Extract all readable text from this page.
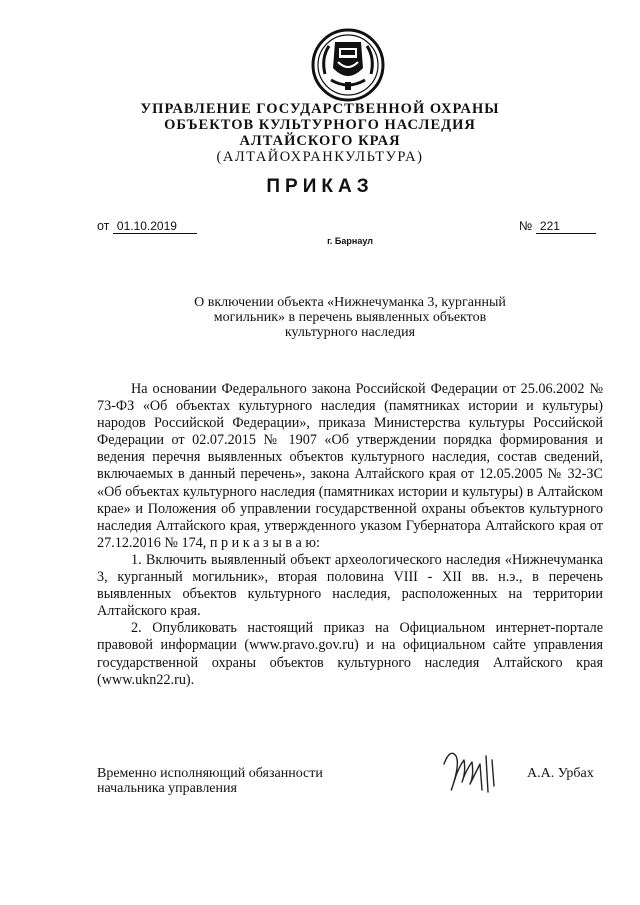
УПРАВЛЕНИЕ ГОСУДАРСТВЕННОЙ ОХРАНЫ
ОБЪЕКТОВ КУЛЬТУРНОГО НАСЛЕДИЯ
АЛТАЙСКОГО КРАЯ
(АЛТАЙОХРАНКУЛЬТУРА)
ПРИКАЗ
от 01.10.2019	№ 221
г. Барнаул
О включении объекта «Нижнечуманка 3, курганный
могильник» в перечень выявленных объектов
культурного наследия

На основании Федерального закона Российской Федерации от 25.06.2002 № 73-ФЗ «Об объектах культурного наследия (памятниках истории и культуры) народов Российской Федерации», приказа Министерства культуры Российской Федерации от 02.07.2015 № 1907 «Об утверждении порядка формирования и ведения перечня выявленных объектов культурного наследия, состав сведений, включаемых в данный перечень», закона Алтайского края от 12.05.2005 № 32-ЗС «Об объектах культурного наследия (памятниках истории и культуры) в Алтайском крае» и Положения об управлении государственной охраны объектов культурного наследия Алтайского края, утвержденного указом Губернатора Алтайского края от 27.12.2016 № 174, п р и к а з ы в а ю:

1. Включить выявленный объект археологического наследия «Нижнечуманка 3, курганный могильник», вторая половина VIII - XII вв. н.э., в перечень выявленных объектов культурного наследия, расположенных на территории Алтайского края.

2. Опубликовать настоящий приказ на Официальном интернет-портале правовой информации (www.pravo.gov.ru) и на официальном сайте управления государственной охраны объектов культурного наследия Алтайского края (www.ukn22.ru).

Временно исполняющий обязанности
начальника управления
А.А. Урбах
